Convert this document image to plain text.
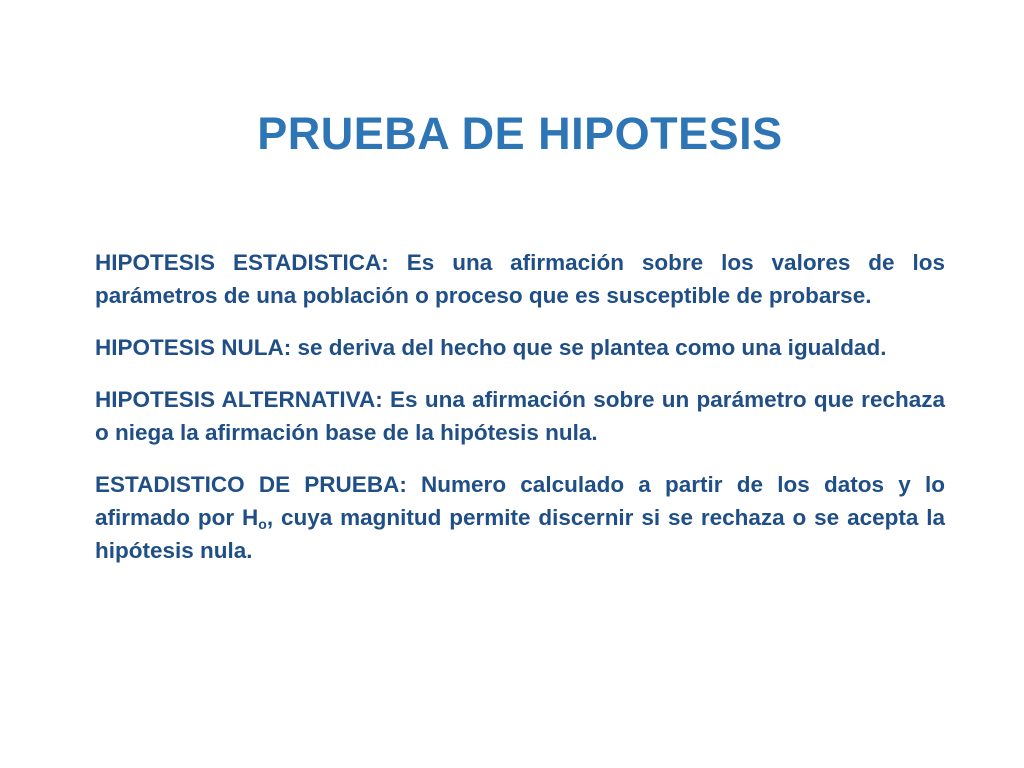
PRUEBA DE HIPOTESIS

HIPOTESIS ESTADISTICA: Es una afirmación sobre los valores de los parámetros de una población o proceso que es susceptible de probarse.

HIPOTESIS NULA: se deriva del hecho que se plantea como una igualdad.

HIPOTESIS ALTERNATIVA: Es una afirmación sobre un parámetro que rechaza o niega la afirmación base de la hipótesis nula.

ESTADISTICO DE PRUEBA: Numero calculado a partir de los datos y lo afirmado por $H_o$, cuya magnitud permite discernir si se rechaza o se acepta la hipótesis nula.
